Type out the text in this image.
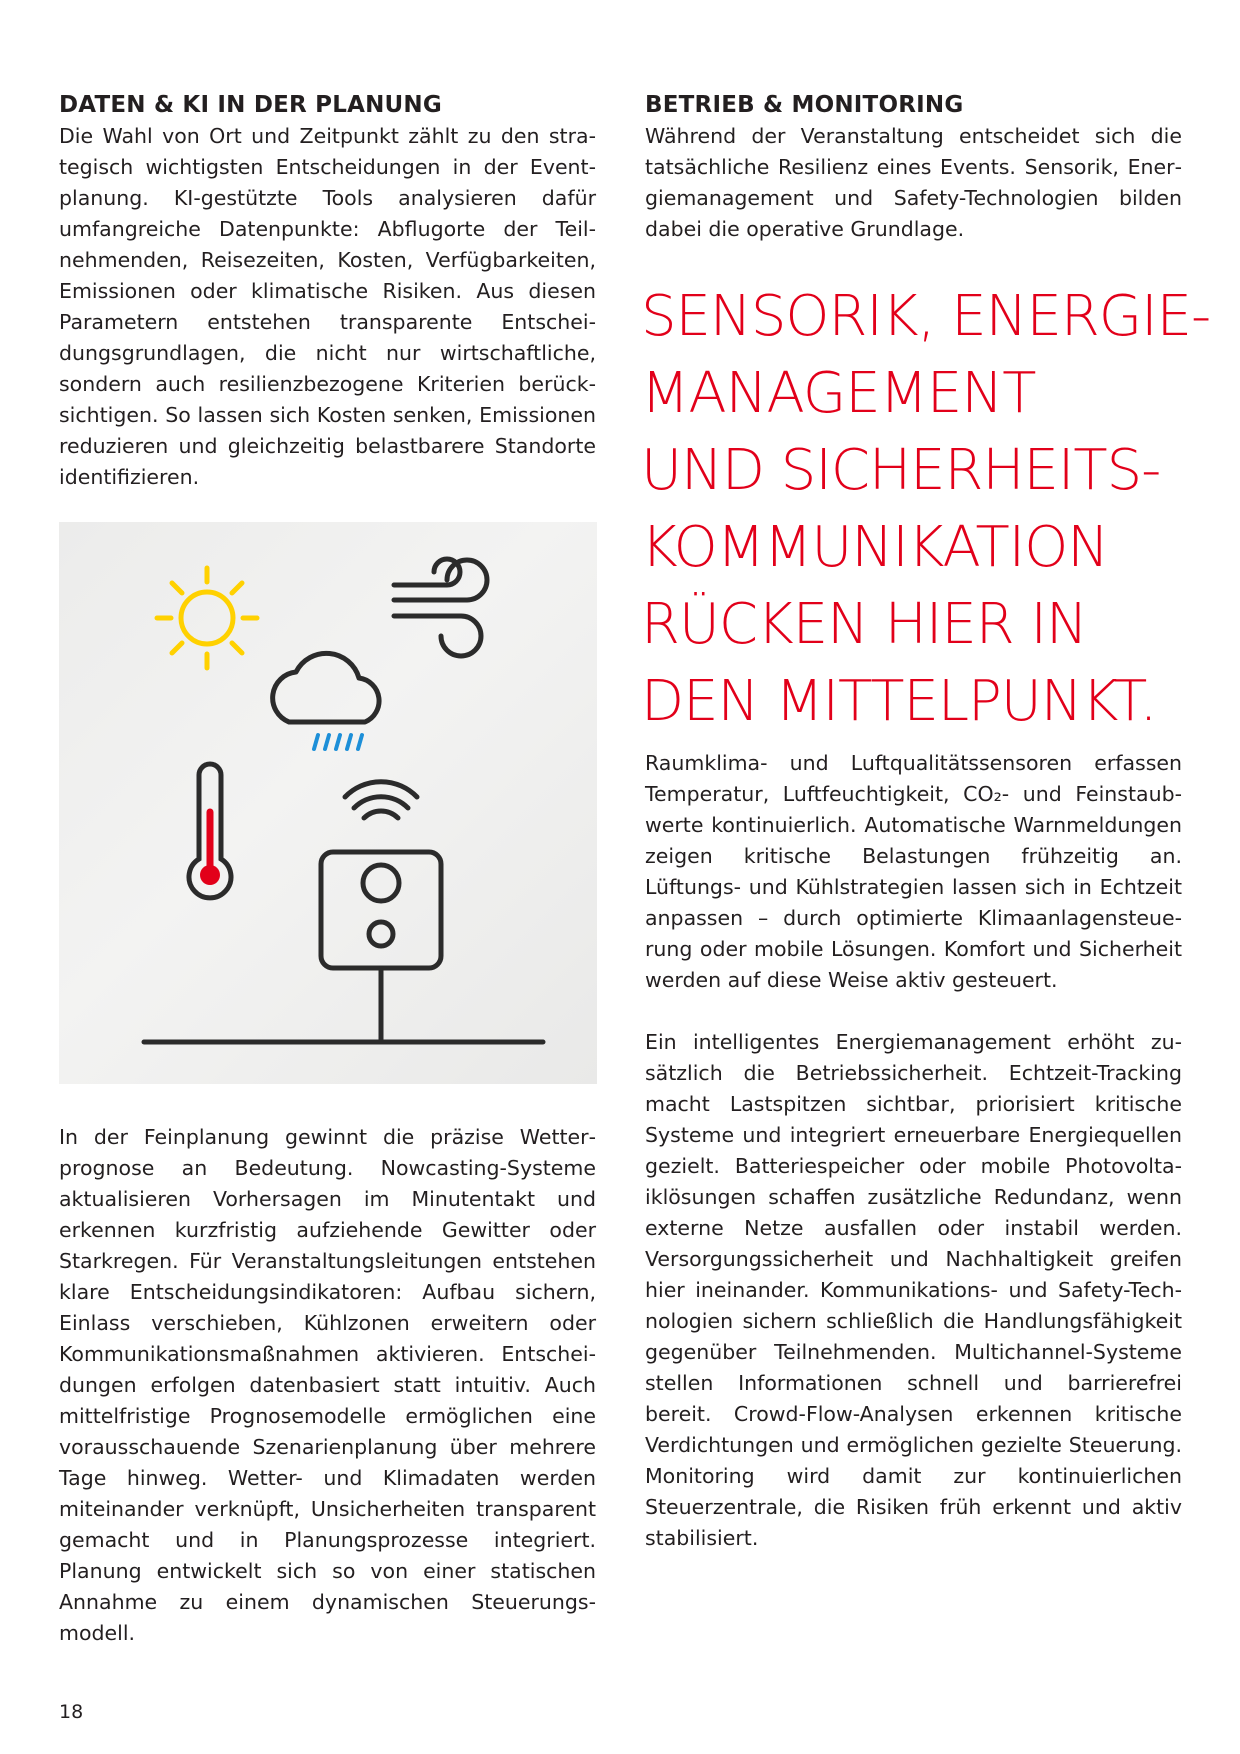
DATEN & KI IN DER PLANUNG

Die Wahl von Ort und Zeitpunkt zählt zu den strategisch wichtigsten Entscheidungen in der Eventplanung. KI-gestützte Tools analysieren dafür umfangreiche Datenpunkte: Abflugorte der Teilnehmenden, Reisezeiten, Kosten, Verfügbarkeiten, Emissionen oder klimatische Risiken. Aus diesen Parametern entstehen transparente Entscheidungsgrundlagen, die nicht nur wirtschaftliche, sondern auch resilienzbezogene Kriterien berücksichtigen. So lassen sich Kosten senken, Emissionen reduzieren und gleichzeitig belastbarere Standorte identifizieren.

In der Feinplanung gewinnt die präzise Wetterprognose an Bedeutung. Nowcasting-Systeme aktualisieren Vorhersagen im Minutentakt und erkennen kurzfristig aufziehende Gewitter oder Starkregen. Für Veranstaltungsleitungen entstehen klare Entscheidungsindikatoren: Aufbau sichern, Einlass verschieben, Kühlzonen erweitern oder Kommunikationsmaßnahmen aktivieren. Entscheidungen erfolgen datenbasiert statt intuitiv. Auch mittelfristige Prognosemodelle ermöglichen eine vorausschauende Szenarienplanung über mehrere Tage hinweg. Wetter- und Klimadaten werden miteinander verknüpft, Unsicherheiten transparent gemacht und in Planungsprozesse integriert. Planung entwickelt sich so von einer statischen Annahme zu einem dynamischen Steuerungsmodell.

BETRIEB & MONITORING

Während der Veranstaltung entscheidet sich die tatsächliche Resilienz eines Events. Sensorik, Energiemanagement und Safety-Technologien bilden dabei die operative Grundlage.

SENSORIK, ENERGIE-
MANAGEMENT
UND SICHERHEITS-
KOMMUNIKATION
RÜCKEN HIER IN
DEN MITTELPUNKT.

Raumklima- und Luftqualitätssensoren erfassen Temperatur, Luftfeuchtigkeit, CO₂- und Feinstaubwerte kontinuierlich. Automatische Warnmeldungen zeigen kritische Belastungen frühzeitig an. Lüftungs- und Kühlstrategien lassen sich in Echtzeit anpassen – durch optimierte Klimaanlagensteuerung oder mobile Lösungen. Komfort und Sicherheit werden auf diese Weise aktiv gesteuert.

Ein intelligentes Energiemanagement erhöht zusätzlich die Betriebssicherheit. Echtzeit-Tracking macht Lastspitzen sichtbar, priorisiert kritische Systeme und integriert erneuerbare Energiequellen gezielt. Batteriespeicher oder mobile Photovoltaiklösungen schaffen zusätzliche Redundanz, wenn externe Netze ausfallen oder instabil werden. Versorgungssicherheit und Nachhaltigkeit greifen hier ineinander. Kommunikations- und Safety-Technologien sichern schließlich die Handlungsfähigkeit gegenüber Teilnehmenden. Multichannel-Systeme stellen Informationen schnell und barrierefrei bereit. Crowd-Flow-Analysen erkennen kritische Verdichtungen und ermöglichen gezielte Steuerung. Monitoring wird damit zur kontinuierlichen Steuerzentrale, die Risiken früh erkennt und aktiv stabilisiert.

18
